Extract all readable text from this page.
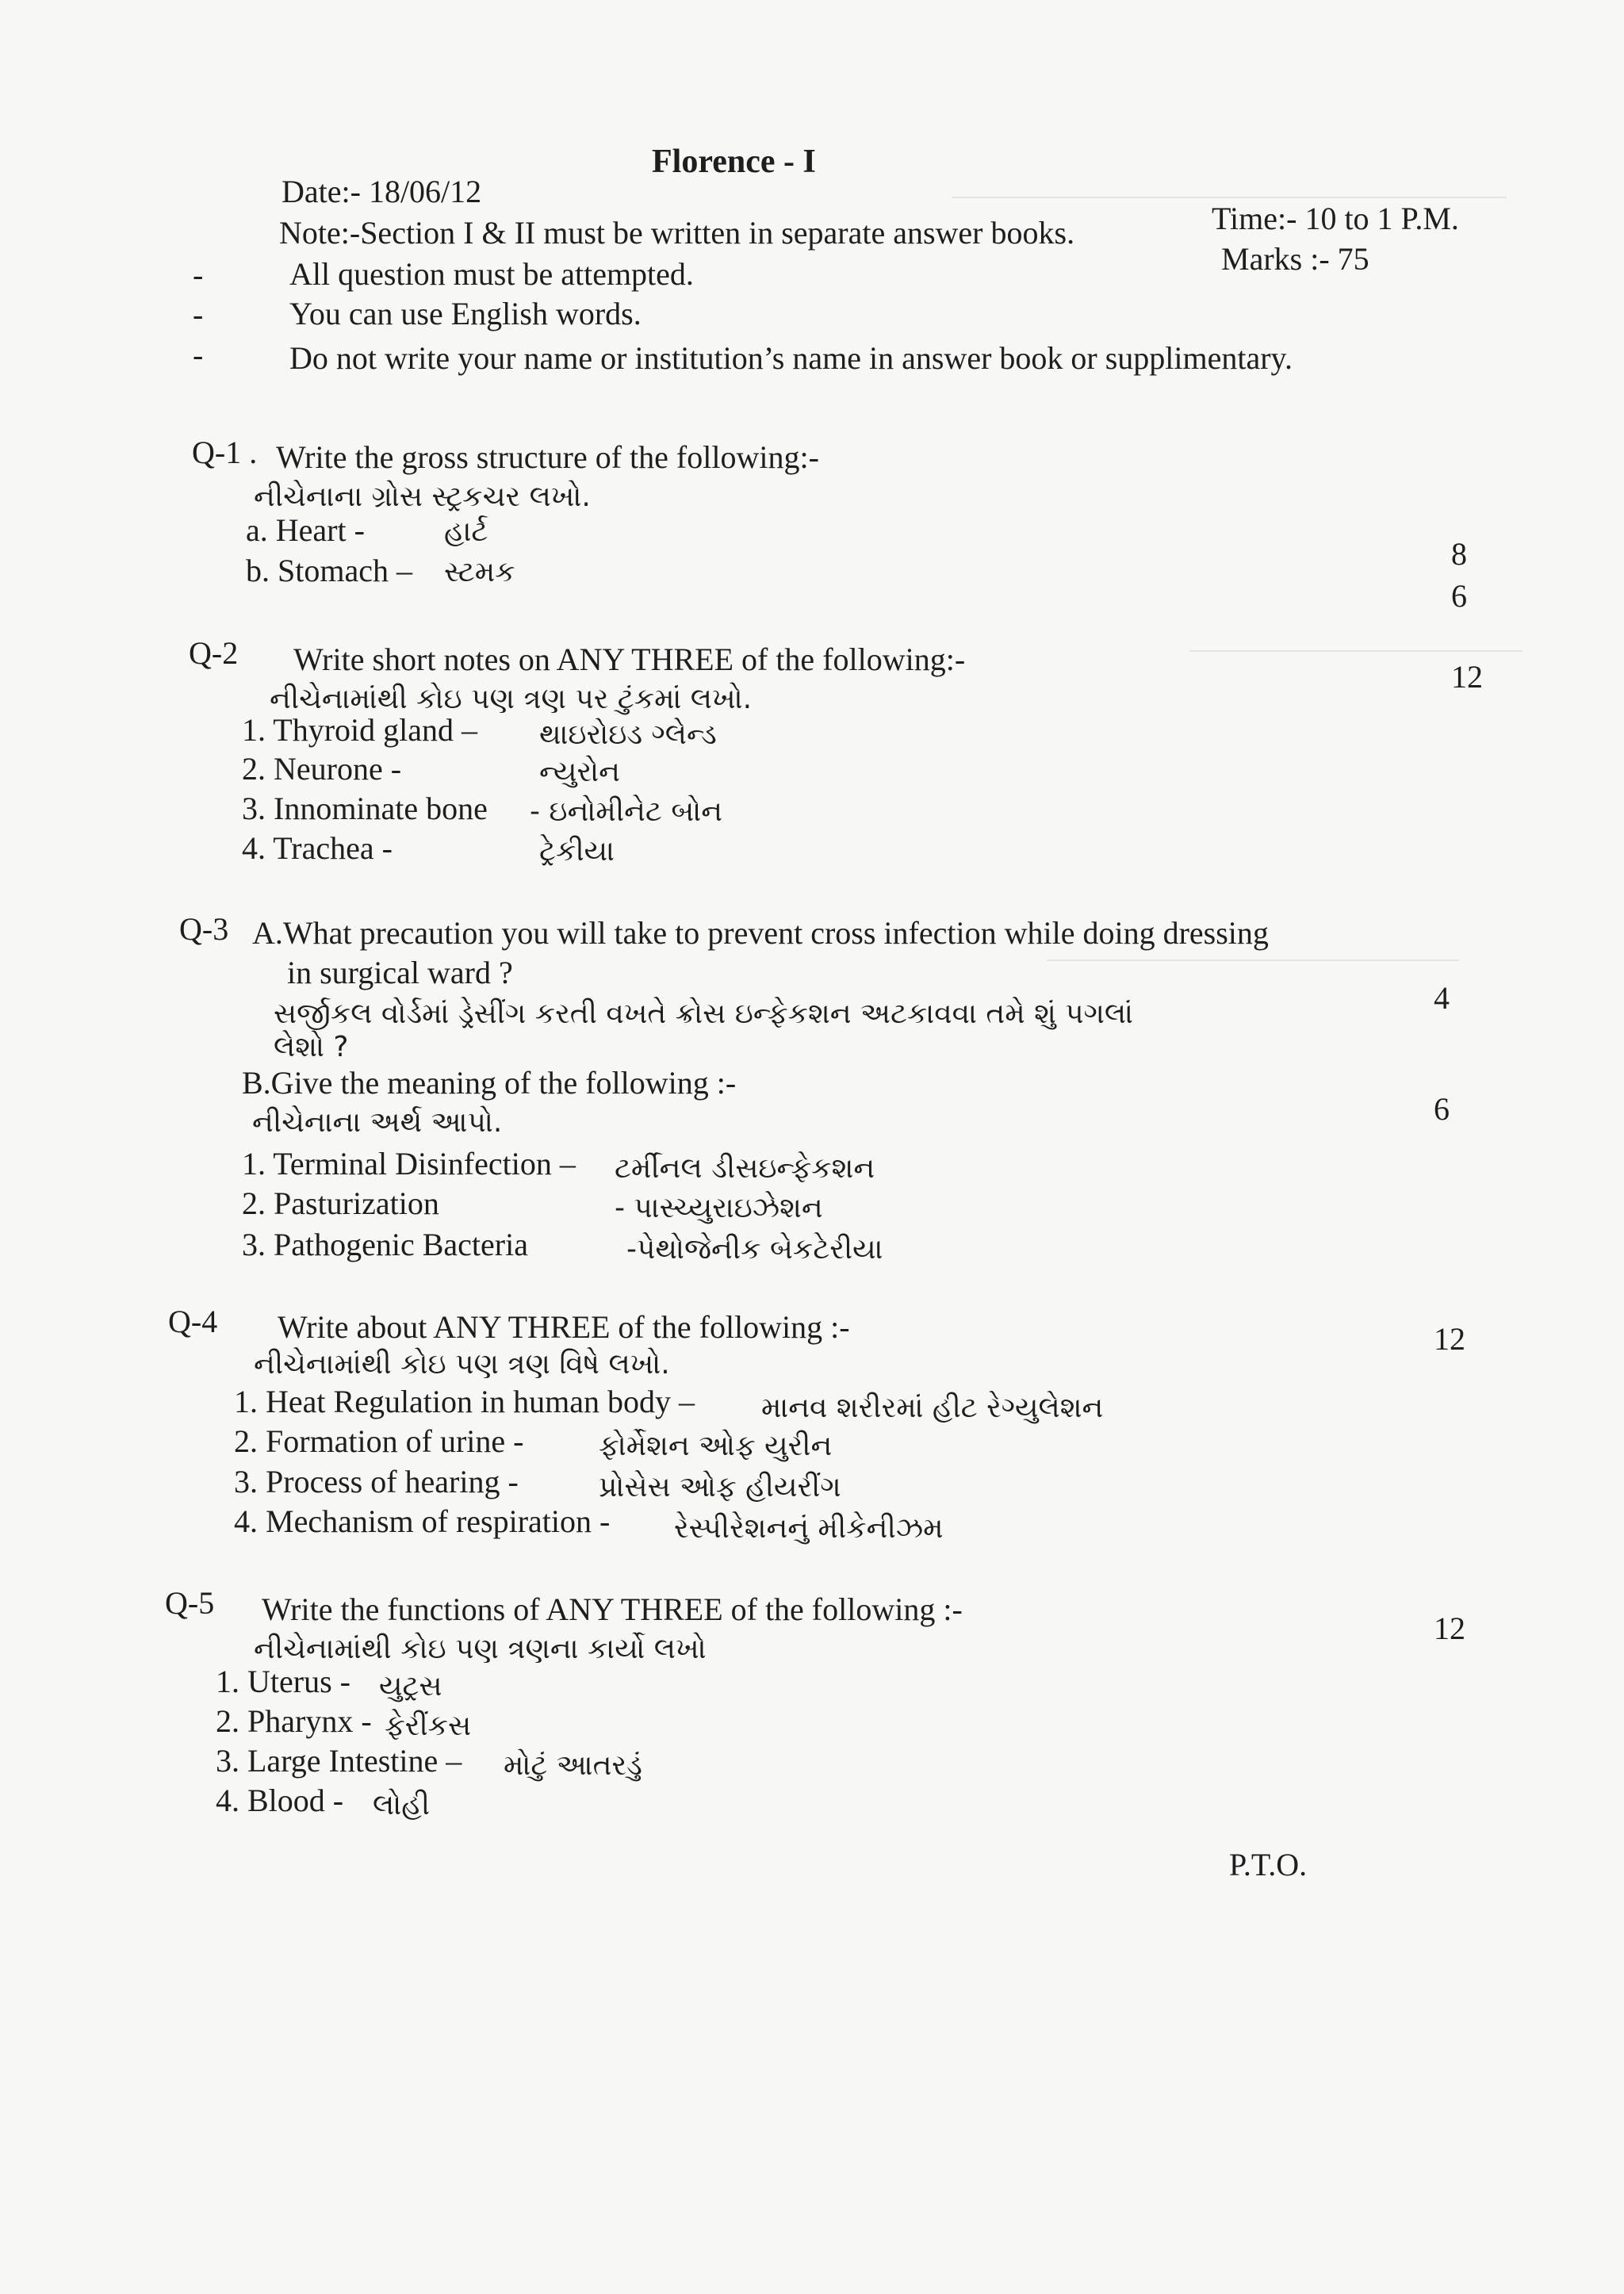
Florence - I
Date:- 18/06/12
Time:- 10 to 1 P.M.
Note:-Section I & II must be written in separate answer books.
Marks :- 75
-	All question must be attempted.
-	You can use English words.
-	Do not write your name or institution’s name in answer book or supplimentary.
Q-1 . Write the gross structure of the following:-
નીચેનાના ગ્રોસ સ્ટ્રકચર લખો.
a. Heart -	હાર્ટ
b. Stomach – સ્ટમક
8
6
Q-2 Write short notes on ANY THREE of the following:-
નીચેનામાંથી કોઇ પણ ત્રણ પર ટુંકમાં લખો.
12
1. Thyroid gland – થાઇરોઇડ ગ્લેન્ડ
2. Neurone -	ન્યુરોન
3. Innominate bone - ઇનોમીનેટ બોન
4. Trachea -	ટ્રેકીયા
Q-3 A.What precaution you will take to prevent cross infection while doing dressing
in surgical ward ?
સર્જીકલ વોર્ડમાં ડ્રેસીંગ કરતી વખતે ક્રોસ ઇન્ફેકશન અટકાવવા તમે શું પગલાં
લેશો ?
4
B.Give the meaning of the following :-
નીચેનાના અર્થ આપો.	6
1. Terminal Disinfection – ટર્મીનલ ડીસઇન્ફેકશન
2. Pasturization	- પાસ્ચ્યુરાઇઝેશન
3. Pathogenic Bacteria	-પેથોજેનીક બેકટેરીયા
Q-4 Write about ANY THREE of the following :-
નીચેનામાંથી કોઇ પણ ત્રણ વિષે લખો.
12
1. Heat Regulation in human body – માનવ શરીરમાં હીટ રેગ્યુલેશન
2. Formation of urine -	ફોર્મેશન ઓફ યુરીન
3. Process of hearing -	પ્રોસેસ ઓફ હીયરીંગ
4. Mechanism of respiration - રેસ્પીરેશનનું મીકેનીઝમ
Q-5 Write the functions of ANY THREE of the following :-
નીચેનામાંથી કોઇ પણ ત્રણના કાર્યો લખો
12
1. Uterus - યુટ્રસ
2. Pharynx - ફેરીંકસ
3. Large Intestine – મોટું આતરડું
4. Blood - લોહી
P.T.O.
